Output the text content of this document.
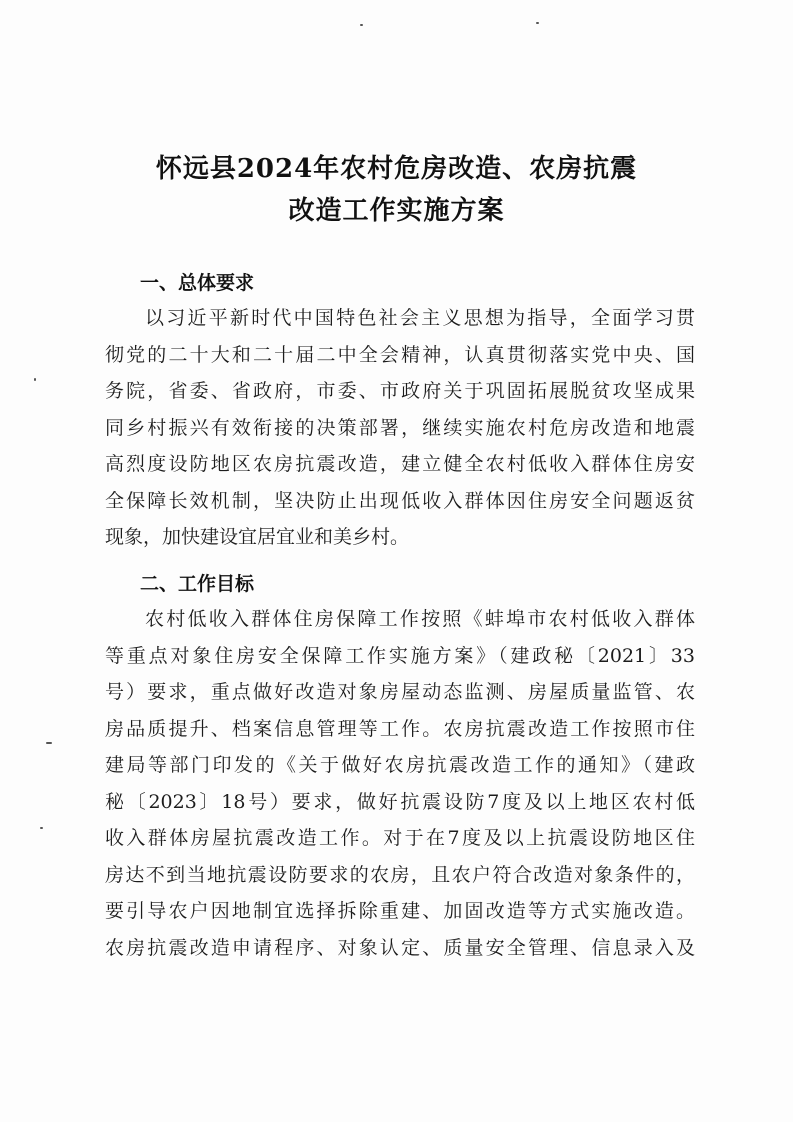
怀远县2024年农村危房改造、农房抗震
改造工作实施方案
一、总体要求
以习近平新时代中国特色社会主义思想为指导，全面学习贯
彻党的二十大和二十届二中全会精神，认真贯彻落实党中央、国
务院，省委、省政府，市委、市政府关于巩固拓展脱贫攻坚成果
同乡村振兴有效衔接的决策部署，继续实施农村危房改造和地震
高烈度设防地区农房抗震改造，建立健全农村低收入群体住房安
全保障长效机制，坚决防止出现低收入群体因住房安全问题返贫
现象，加快建设宜居宜业和美乡村。
二、工作目标
农村低收入群体住房保障工作按照《蚌埠市农村低收入群体
等重点对象住房安全保障工作实施方案》（建政秘〔2021〕33
号）要求，重点做好改造对象房屋动态监测、房屋质量监管、农
房品质提升、档案信息管理等工作。农房抗震改造工作按照市住
建局等部门印发的《关于做好农房抗震改造工作的通知》（建政
秘〔2023〕18号）要求，做好抗震设防7度及以上地区农村低
收入群体房屋抗震改造工作。对于在7度及以上抗震设防地区住
房达不到当地抗震设防要求的农房，且农户符合改造对象条件的，
要引导农户因地制宜选择拆除重建、加固改造等方式实施改造。
农房抗震改造申请程序、对象认定、质量安全管理、信息录入及
